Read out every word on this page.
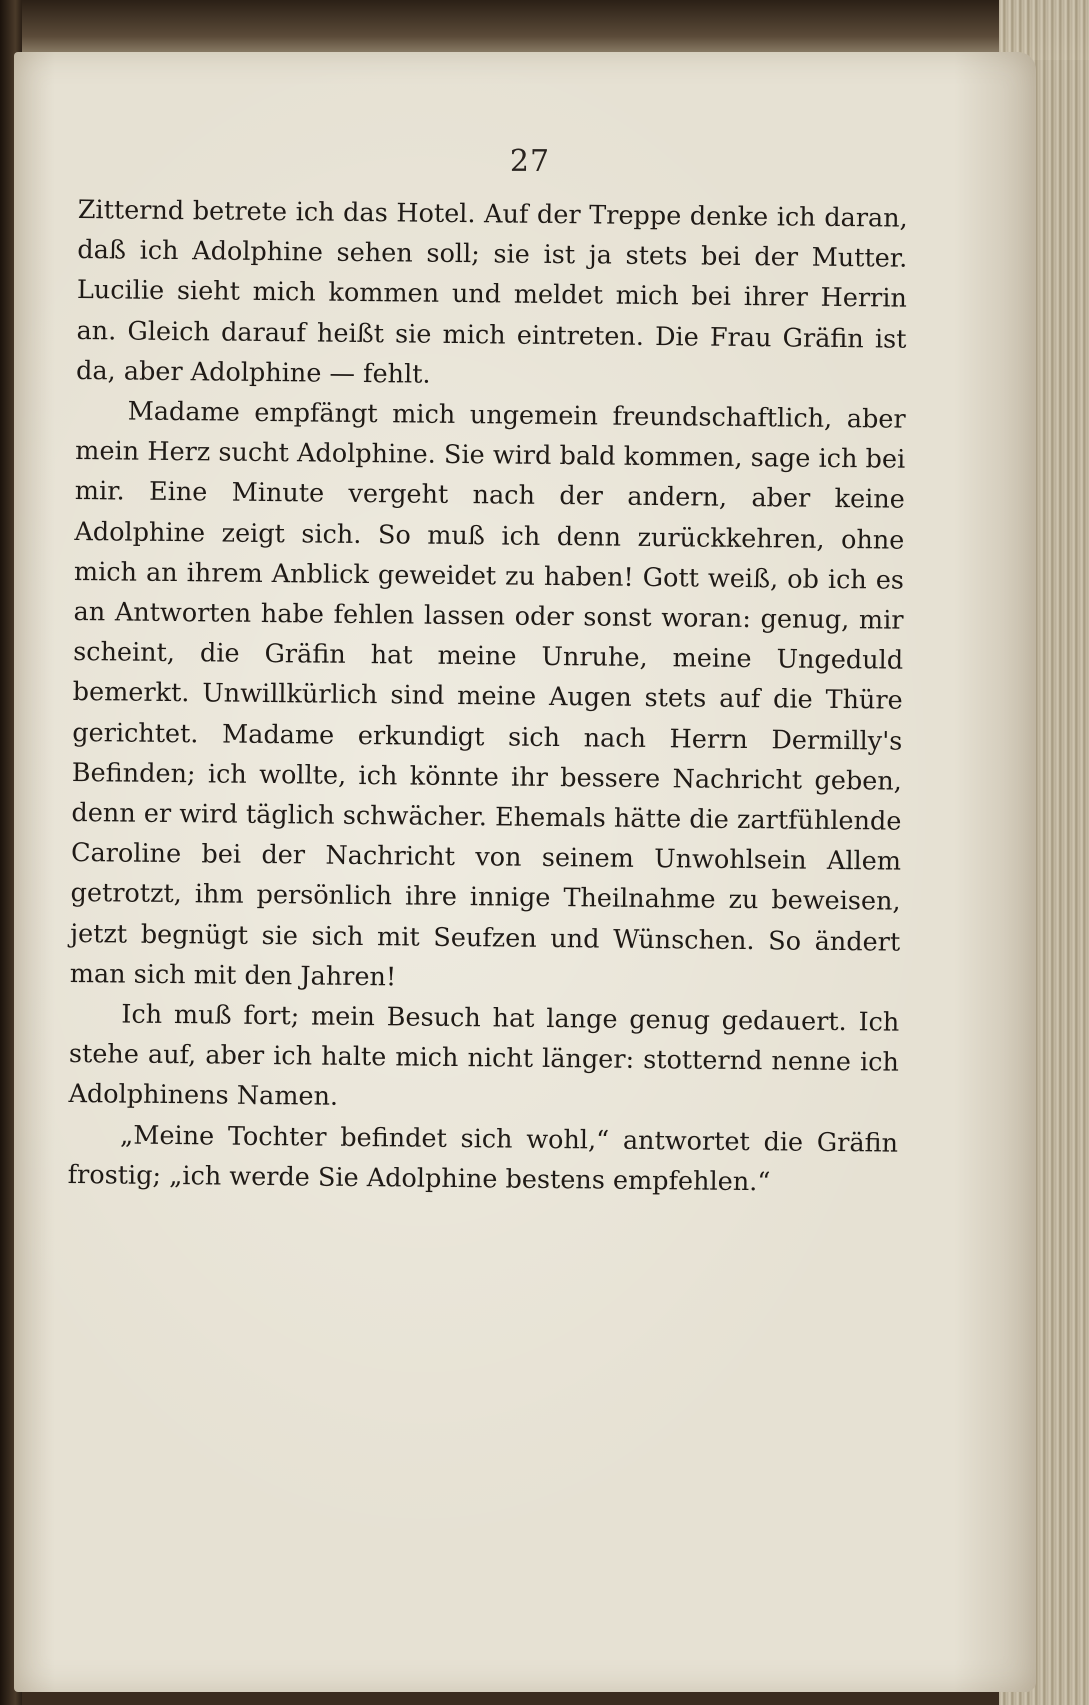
27

Zitternd betrete ich das Hotel. Auf der Treppe denke ich daran, daß ich Adolphine sehen soll; sie ist ja stets bei der Mutter. Lucilie sieht mich kommen und meldet mich bei ihrer Herrin an. Gleich darauf heißt sie mich eintreten. Die Frau Gräfin ist da, aber Adolphine — fehlt.

Madame empfängt mich ungemein freundschaftlich, aber mein Herz sucht Adolphine. Sie wird bald kommen, sage ich bei mir. Eine Minute vergeht nach der andern, aber keine Adolphine zeigt sich. So muß ich denn zurückkehren, ohne mich an ihrem Anblick geweidet zu haben! Gott weiß, ob ich es an Antworten habe fehlen lassen oder sonst woran: genug, mir scheint, die Gräfin hat meine Unruhe, meine Ungeduld bemerkt. Unwillkürlich sind meine Augen stets auf die Thüre gerichtet. Madame erkundigt sich nach Herrn Dermilly's Befinden; ich wollte, ich könnte ihr bessere Nachricht geben, denn er wird täglich schwächer. Ehemals hätte die zartfühlende Caroline bei der Nachricht von seinem Unwohlsein Allem getrotzt, ihm persönlich ihre innige Theilnahme zu beweisen, jetzt begnügt sie sich mit Seufzen und Wünschen. So ändert man sich mit den Jahren!

Ich muß fort; mein Besuch hat lange genug gedauert. Ich stehe auf, aber ich halte mich nicht länger: stotternd nenne ich Adolphinens Namen.

„Meine Tochter befindet sich wohl,“ antwortet die Gräfin frostig; „ich werde Sie Adolphine bestens empfehlen.“
